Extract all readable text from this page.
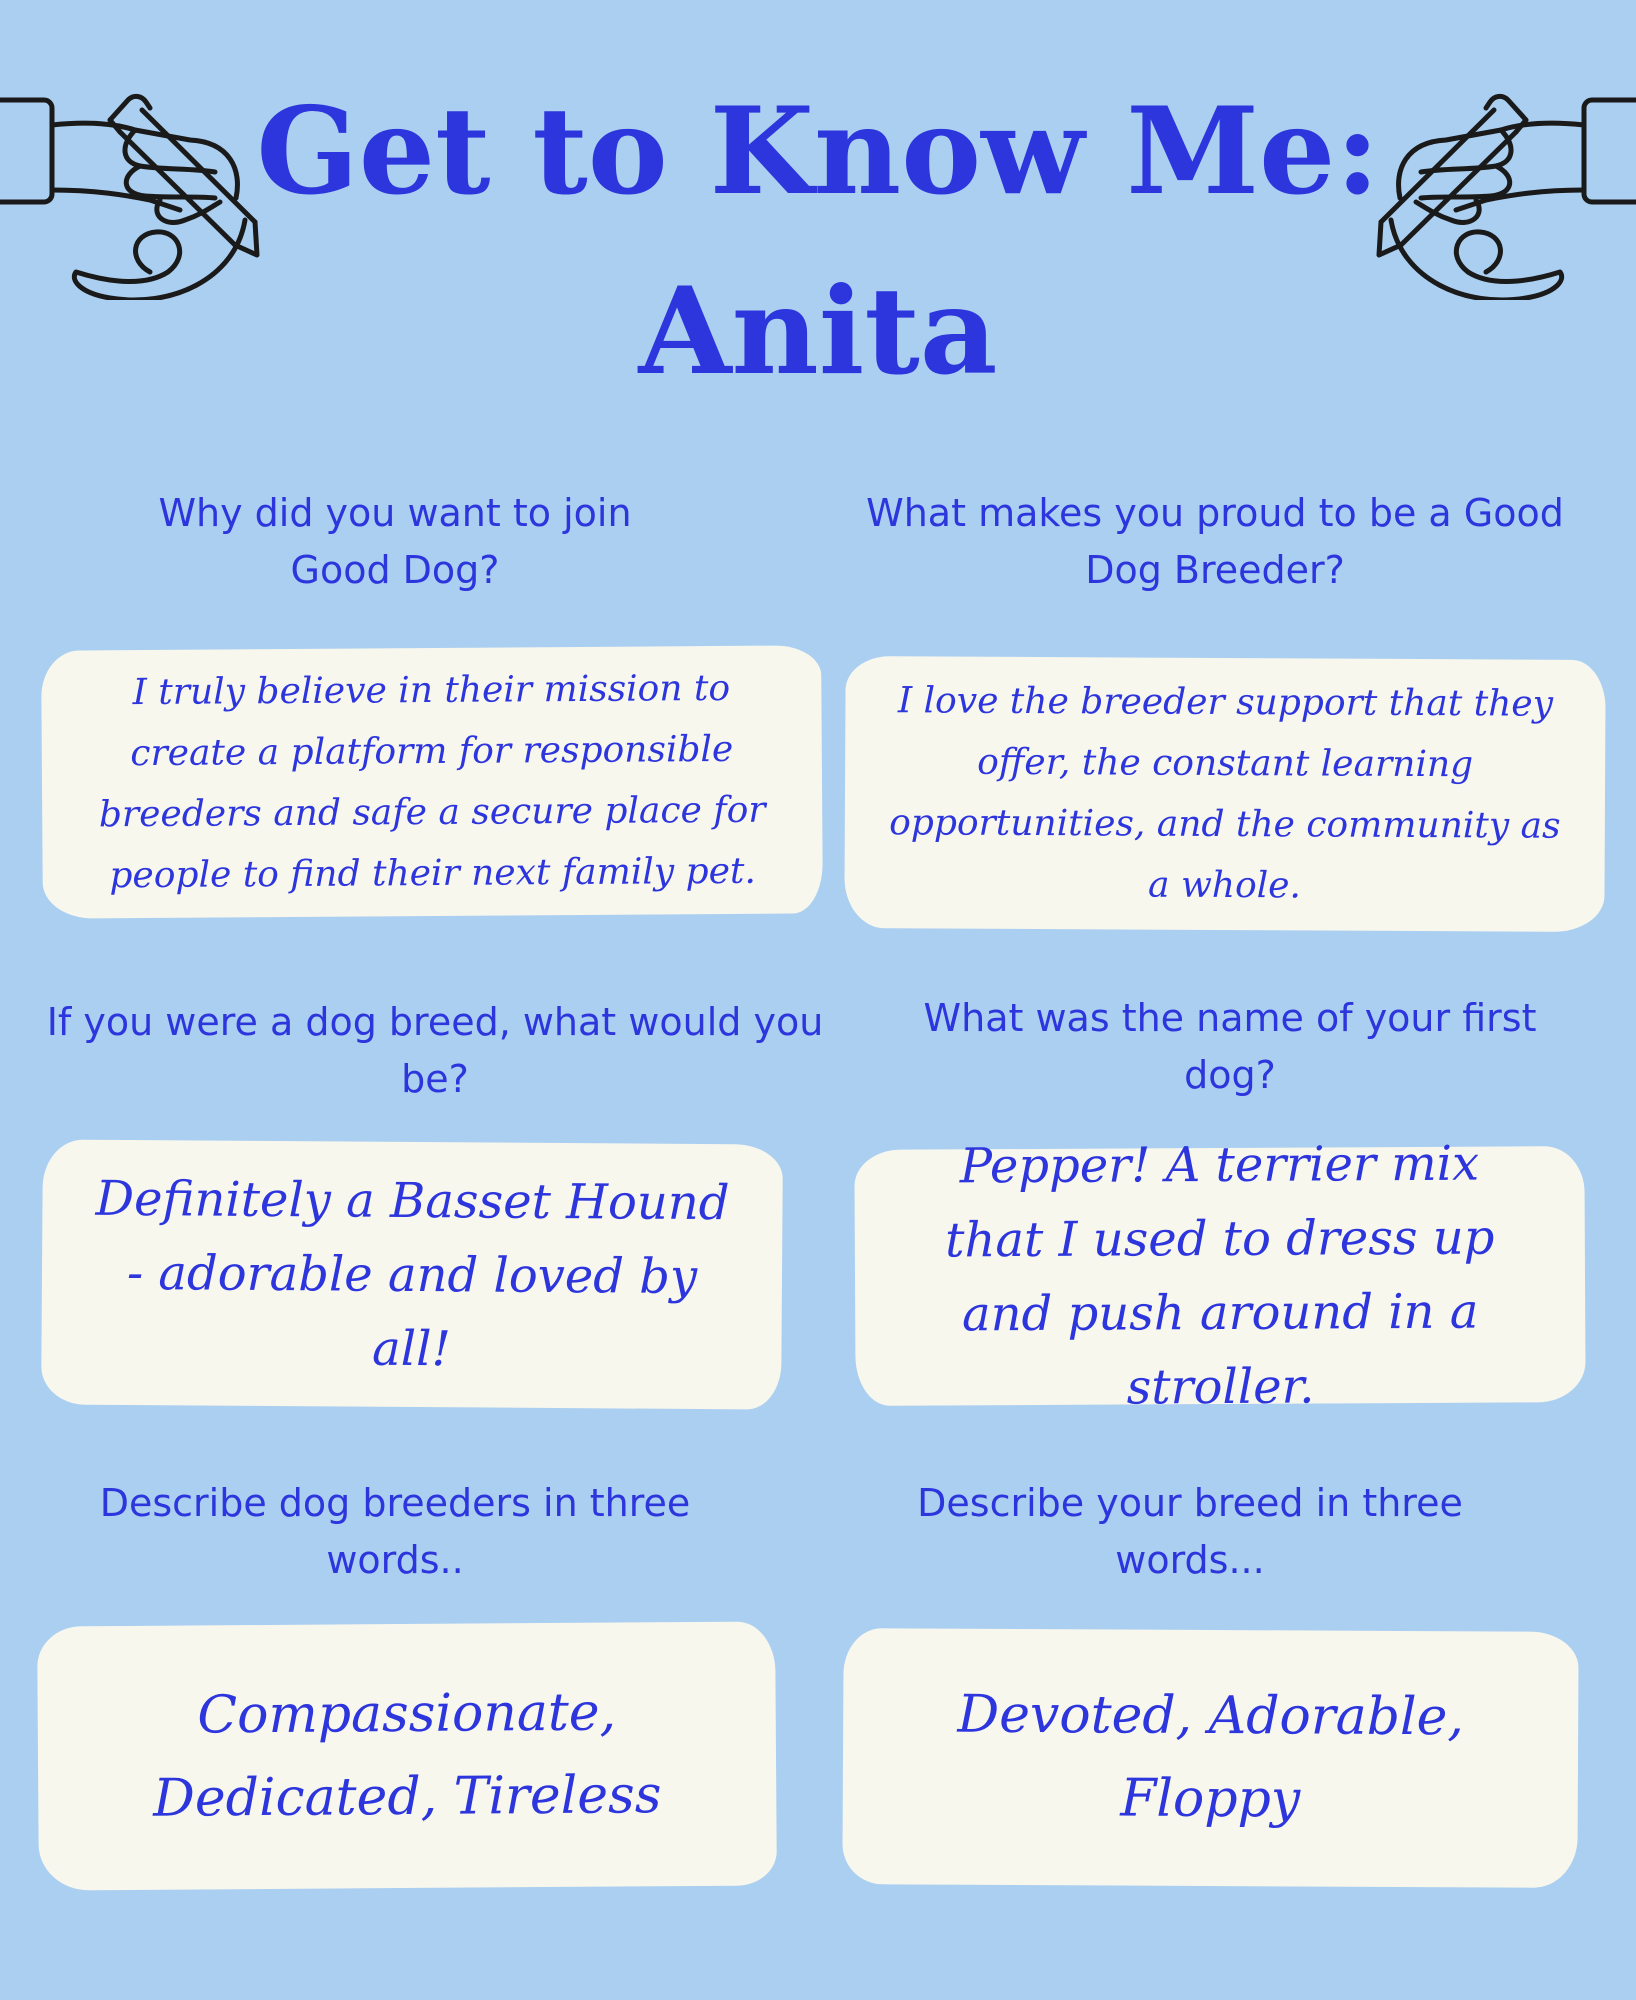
Get to Know Me:
Anita

Why did you want to join Good Dog?

I truly believe in their mission to create a platform for responsible breeders and safe a secure place for people to find their next family pet.

What makes you proud to be a Good Dog Breeder?

I love the breeder support that they offer, the constant learning opportunities, and the community as a whole.

If you were a dog breed, what would you be?

Definitely a Basset Hound - adorable and loved by all!

What was the name of your first dog?

Pepper! A terrier mix that I used to dress up and push around in a stroller.

Describe dog breeders in three words..

Compassionate, Dedicated, Tireless

Describe your breed in three words...

Devoted, Adorable, Floppy
